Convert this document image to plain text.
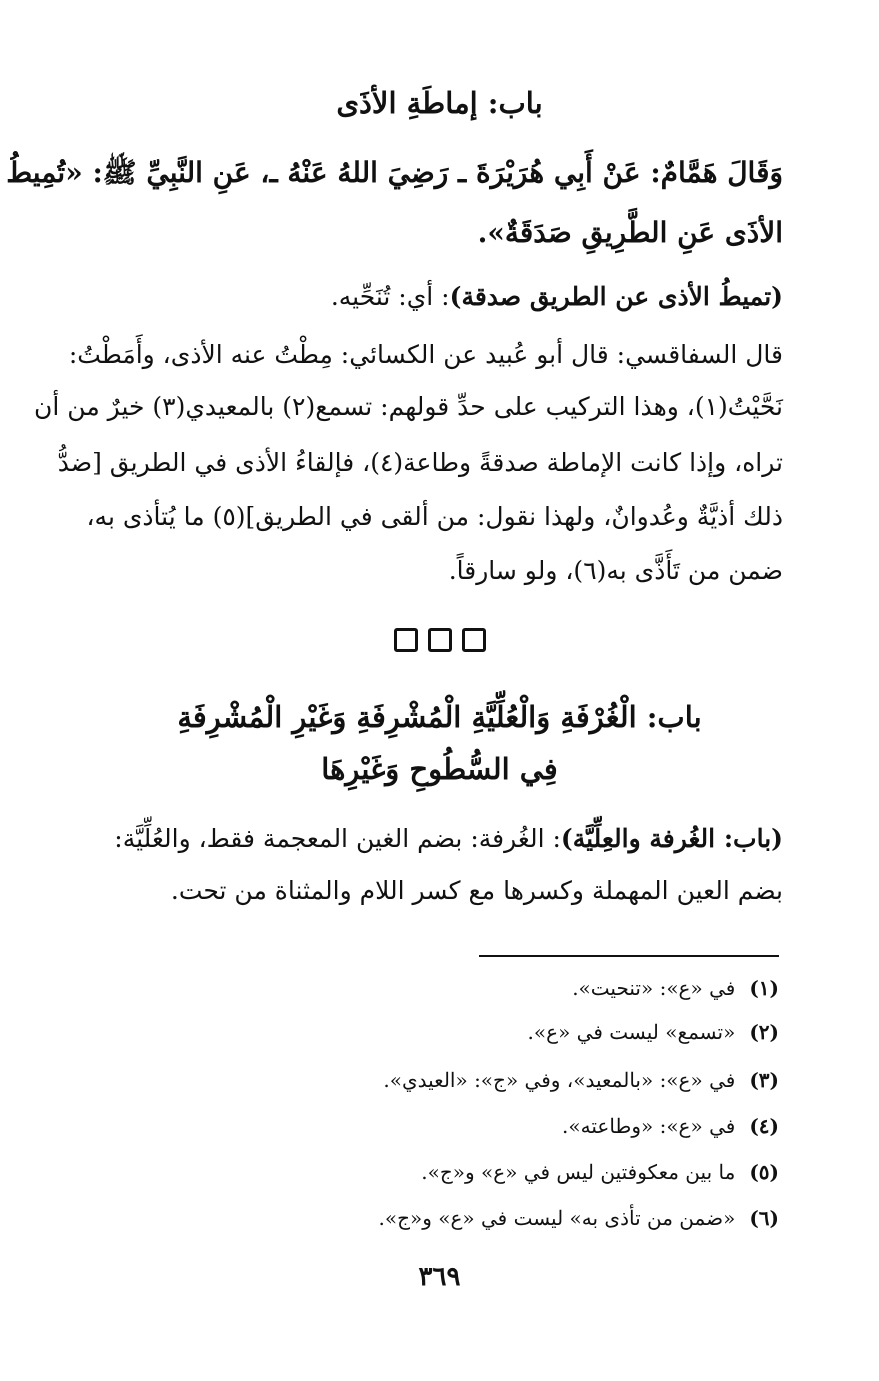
باب: إماطَةِ الأذَى
وَقَالَ هَمَّامٌ: عَنْ أَبِي هُرَيْرَةَ ـ رَضِيَ اللهُ عَنْهُ ـ، عَنِ النَّبِيِّ ﷺ: «تُمِيطُ
الأذَى عَنِ الطَّرِيقِ صَدَقَةٌ».
(تميطُ الأذى عن الطريق صدقة): أي: تُنَحِّيه.
قال السفاقسي: قال أبو عُبيد عن الكسائي: مِطْتُ عنه الأذى، وأَمَطْتُ:
نَحَّيْتُ(١)، وهذا التركيب على حدِّ قولهم: تسمع(٢) بالمعيدي(٣) خيرٌ من أن
تراه، وإذا كانت الإماطة صدقةً وطاعة(٤)، فإلقاءُ الأذى في الطريق [ضدُّ
ذلك أذيَّةٌ وعُدوانٌ، ولهذا نقول: من ألقى في الطريق](٥) ما يُتأذى به،
ضمن من تَأَذَّى به(٦)، ولو سارقاً.
باب: الْغُرْفَةِ وَالْعُلِّيَّةِ الْمُشْرِفَةِ وَغَيْرِ الْمُشْرِفَةِ
فِي السُّطُوحِ وَغَيْرِهَا
(باب: الغُرفة والعِلِّيَّة): الغُرفة: بضم الغين المعجمة فقط، والعُلِّيَّة:
بضم العين المهملة وكسرها مع كسر اللام والمثناة من تحت.
(١)في «ع»: «تنحيت».
(٢)«تسمع» ليست في «ع».
(٣)في «ع»: «بالمعيد»، وفي «ج»: «العيدي».
(٤)في «ع»: «وطاعته».
(٥)ما بين معكوفتين ليس في «ع» و«ج».
(٦)«ضمن من تأذى به» ليست في «ع» و«ج».
٣٦٩
